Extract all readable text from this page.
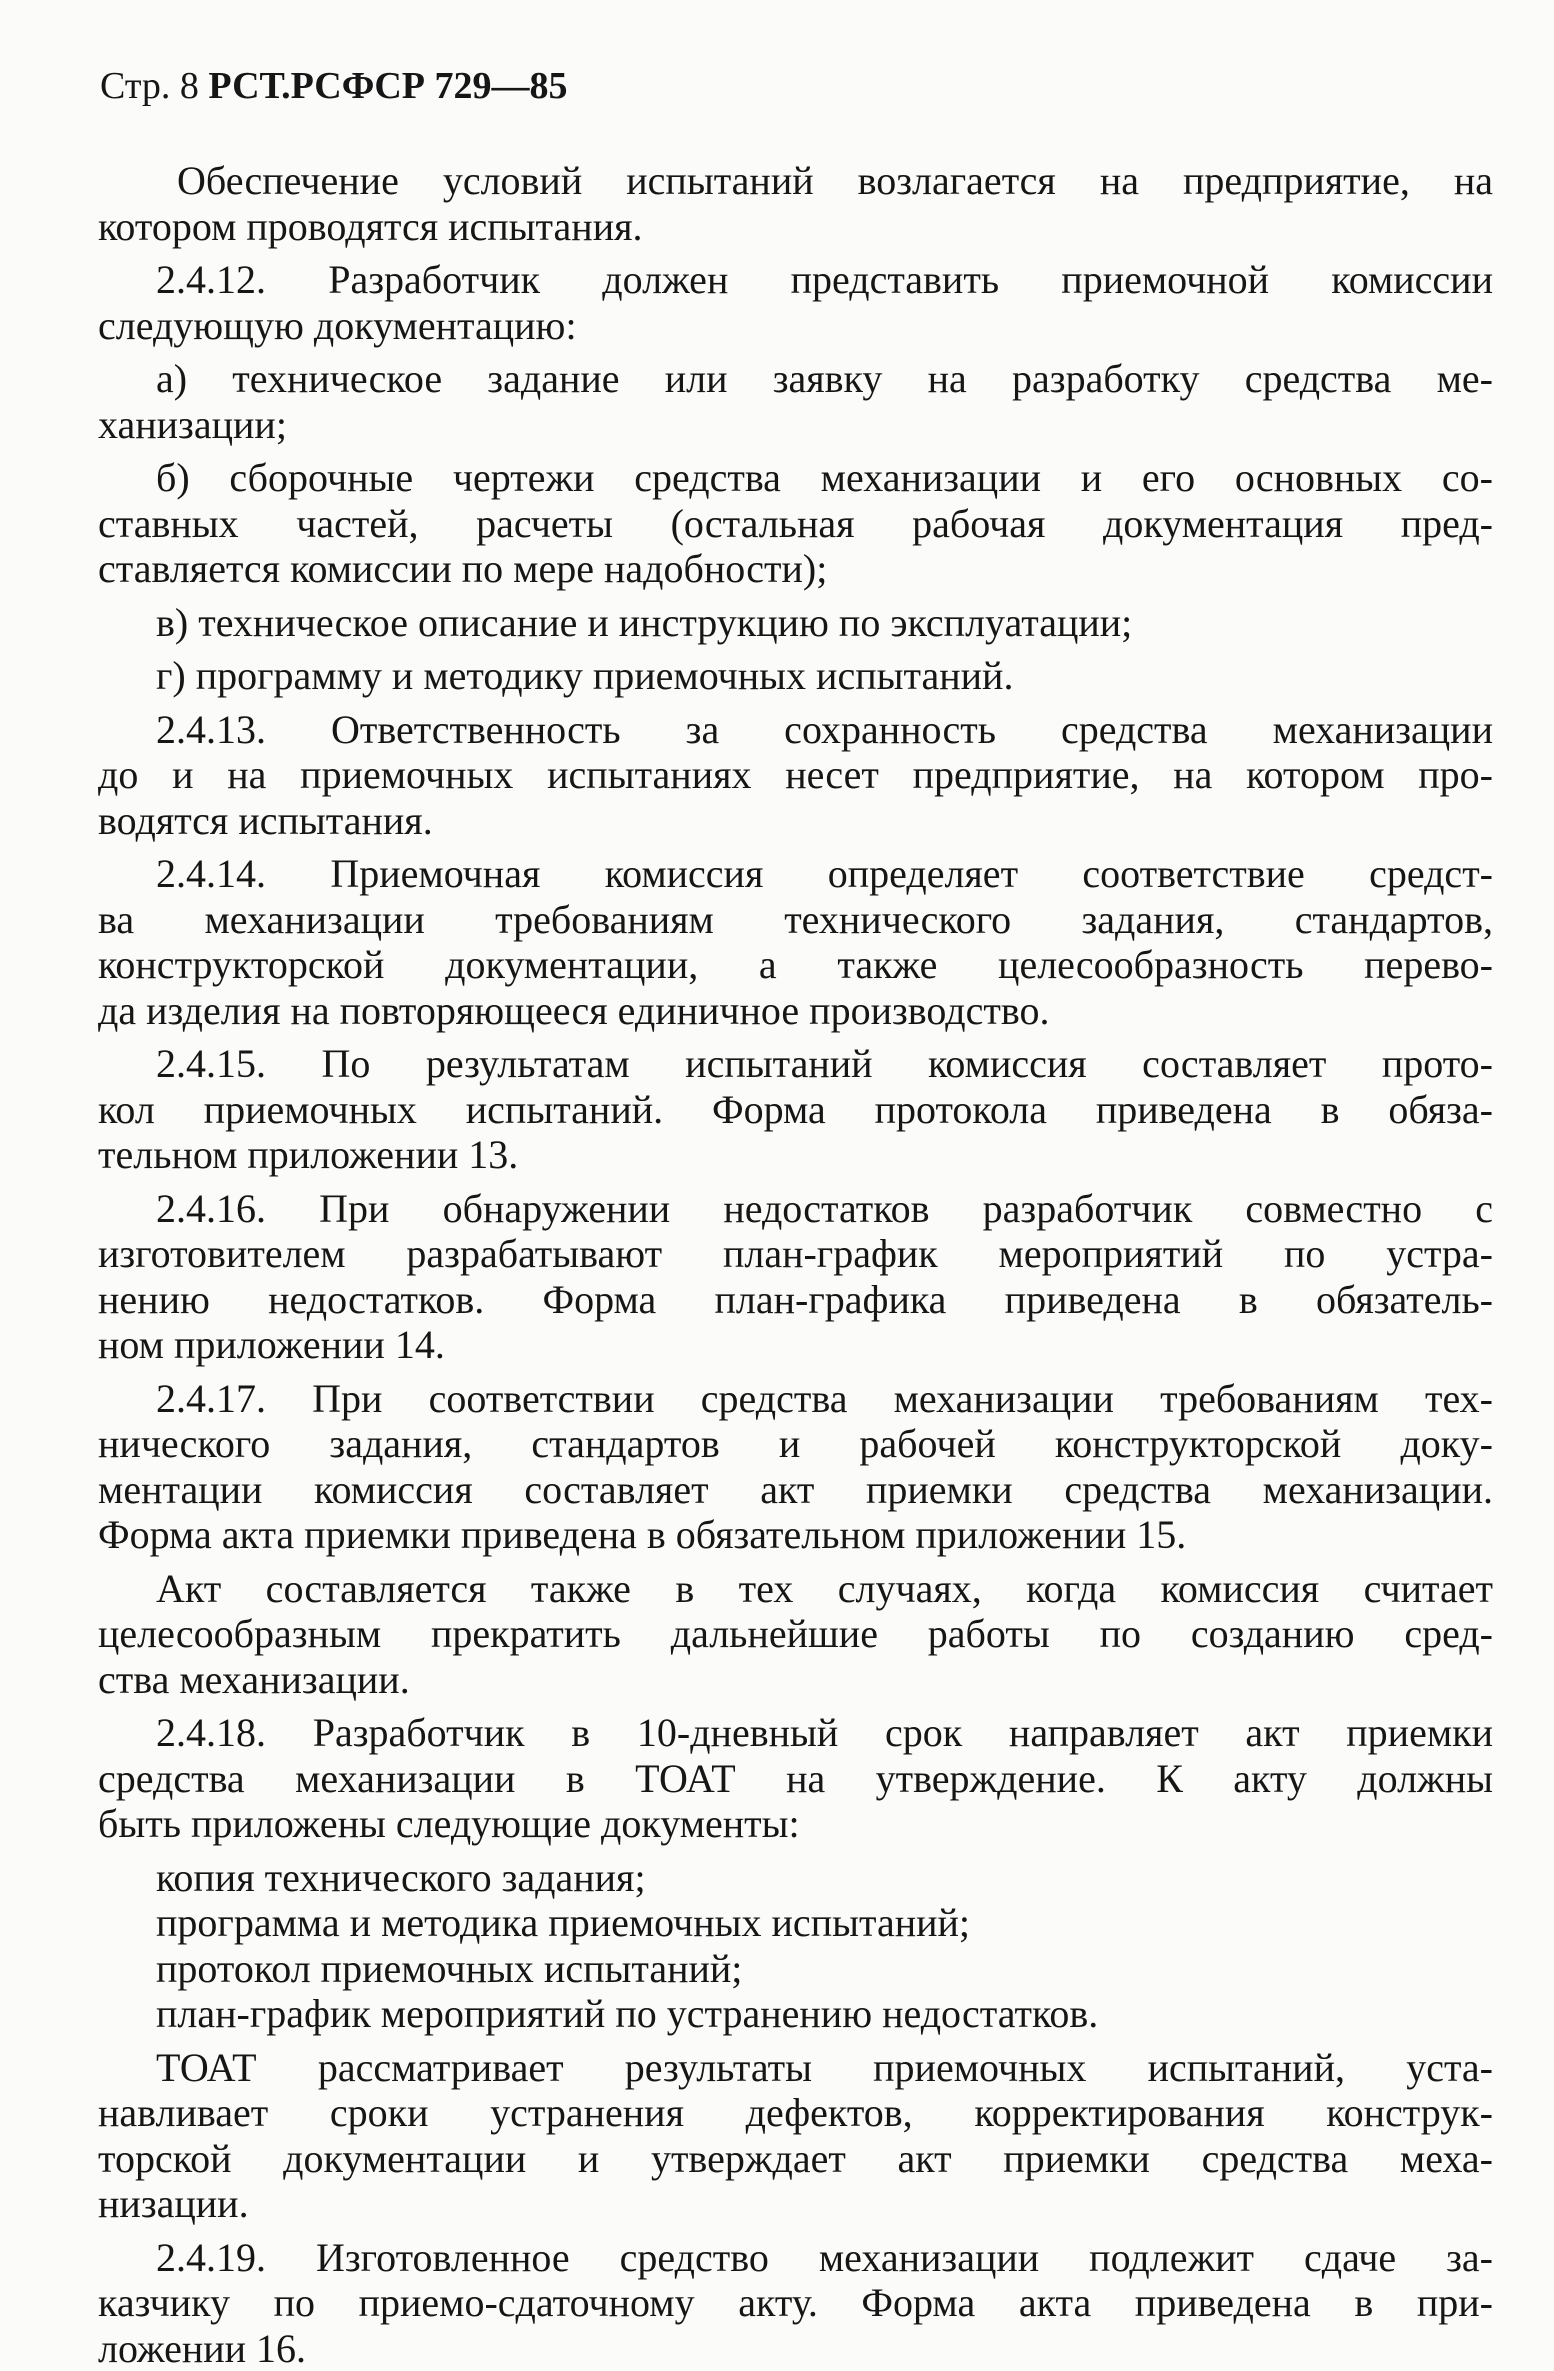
Стр. 8 РСТ.РСФСР 729—85
Обеспечение условий испытаний возлагается на предприятие, на
котором проводятся испытания.
2.4.12. Разработчик должен представить приемочной комиссии
следующую документацию:
а) техническое задание или заявку на разработку средства ме-
ханизации;
б) сборочные чертежи средства механизации и его основных со-
ставных частей, расчеты (остальная рабочая документация пред-
ставляется комиссии по мере надобности);
в) техническое описание и инструкцию по эксплуатации;
г) программу и методику приемочных испытаний.
2.4.13. Ответственность за сохранность средства механизации
до и на приемочных испытаниях несет предприятие, на котором про-
водятся испытания.
2.4.14. Приемочная комиссия определяет соответствие средст-
ва механизации требованиям технического задания, стандартов,
конструкторской документации, а также целесообразность перево-
да изделия на повторяющееся единичное производство.
2.4.15. По результатам испытаний комиссия составляет прото-
кол приемочных испытаний. Форма протокола приведена в обяза-
тельном приложении 13.
2.4.16. При обнаружении недостатков разработчик совместно с
изготовителем разрабатывают план-график мероприятий по устра-
нению недостатков. Форма план-графика приведена в обязатель-
ном приложении 14.
2.4.17. При соответствии средства механизации требованиям тех-
нического задания, стандартов и рабочей конструкторской доку-
ментации комиссия составляет акт приемки средства механизации.
Форма акта приемки приведена в обязательном приложении 15.
Акт составляется также в тех случаях, когда комиссия считает
целесообразным прекратить дальнейшие работы по созданию сред-
ства механизации.
2.4.18. Разработчик в 10-дневный срок направляет акт приемки
средства механизации в ТОАТ на утверждение. К акту должны
быть приложены следующие документы:
копия технического задания;
программа и методика приемочных испытаний;
протокол приемочных испытаний;
план-график мероприятий по устранению недостатков.
ТОАТ рассматривает результаты приемочных испытаний, уста-
навливает сроки устранения дефектов, корректирования конструк-
торской документации и утверждает акт приемки средства меха-
низации.
2.4.19. Изготовленное средство механизации подлежит сдаче за-
казчику по приемо-сдаточному акту. Форма акта приведена в при-
ложении 16.
